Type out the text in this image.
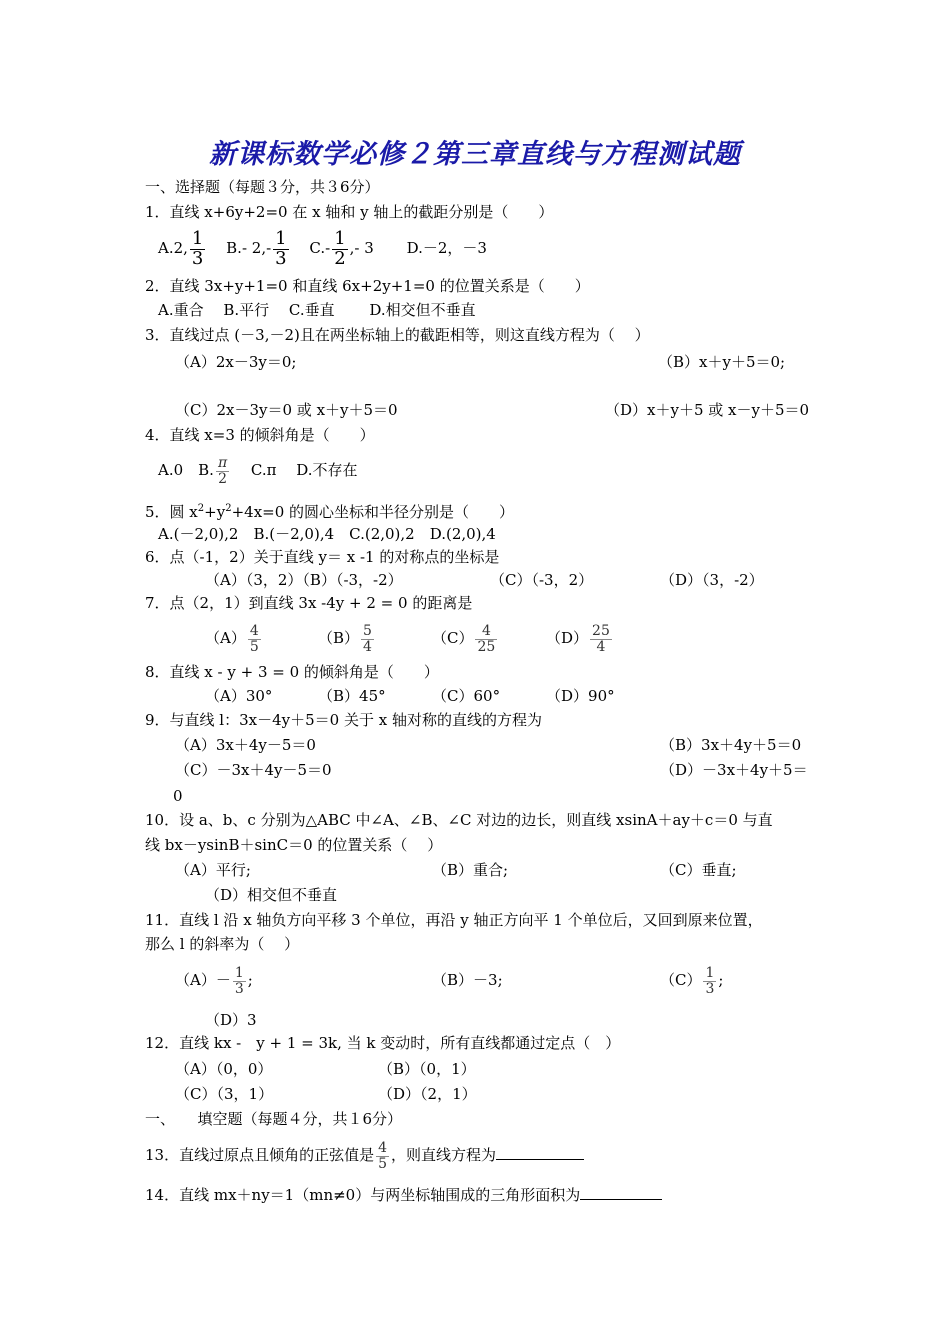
新课标数学必修２第三章直线与方程测试题
一、选择题（每题３分，共３6分）
1．直线 x+6y+2=0 在 x 轴和 y 轴上的截距分别是（　　）
A.2, $\frac{1}{3} B.-$ $2,- \frac{1}{3} C.- \frac{1}{2}$ ,- 3 D.－2，－3
2．直线 3x+y+1=0 和直线 6x+2y+1=0 的位置关系是（　　）
A.重合　 B.平行　 C.垂直　　 D.相交但不垂直
3．直线过点 (－3,－2)且在两坐标轴上的截距相等，则这直线方程为（　 ）
（A）2x－3y＝0;	（B）x＋y＋5＝0;
（C）2x－3y＝0 或 x＋y＋5＝0	（D）x＋y＋5 或 x－y＋5＝0
4．直线 x=3 的倾斜角是（　　）
A.0　B. $\frac{\pi}{2}$ 　 C.π　 D.不存在
5．圆 $x^2+y^2+4x=0$ 的圆心坐标和半径分别是（　　）
A.(－2,0),2　B.(－2,0),4　C.(2,0),2　D.(2,0),4
6．点（-1，2）关于直线 y＝ x -1 的对称点的坐标是
（A）（3，2）（B）（-3，-2）	（C）（-3，2）	（D）（3，-2）
7．点（2，1）到直线 3x -4y + 2 = 0 的距离是
$(A) \frac{4}{5}$	$(B) \frac{5}{4}$	$(C) \frac{4}{25}$	$(D) \frac{25}{4}$
8．直线 x - y + 3 = 0 的倾斜角是（　　）
（A）30°	（B）45°	（C）60°	（D）90°
9．与直线 l：3x－4y＋5＝0 关于 x 轴对称的直线的方程为
（A）3x＋4y－5＝0	（B）3x＋4y＋5＝0
（C）－3x＋4y－5＝0	（D）－3x＋4y＋5＝
0
10．设 a、b、c 分别为△ABC 中∠A、∠B、∠C 对边的边长，则直线 xsinA＋ay＋c＝0 与直
线 bx－ysinB＋sinC＝0 的位置关系（　 ）
（A）平行;	（B）重合;	（C）垂直;
（D）相交但不垂直
11．直线 l 沿 x 轴负方向平移 3 个单位，再沿 y 轴正方向平 1 个单位后，又回到原来位置，
那么 l 的斜率为（　 ）
$(A)- \frac{1}{3}$ ;	（B）－3;	$(C) \frac{1}{3}$ ;
（D）3
12．直线 kx -　y + 1 = 3k, 当 k 变动时，所有直线都通过定点（　）
（A）（0，0）	（B）（0，1）
（C）（3，1）	（D）（2，1）
一、　　填空题（每题４分，共１6分）
13．直线过原点且倾角的正弦值是 $\frac{4}{5}$ ，则直线方程为
14．直线 mx＋ny＝1（mn≠0）与两坐标轴围成的三角形面积为
